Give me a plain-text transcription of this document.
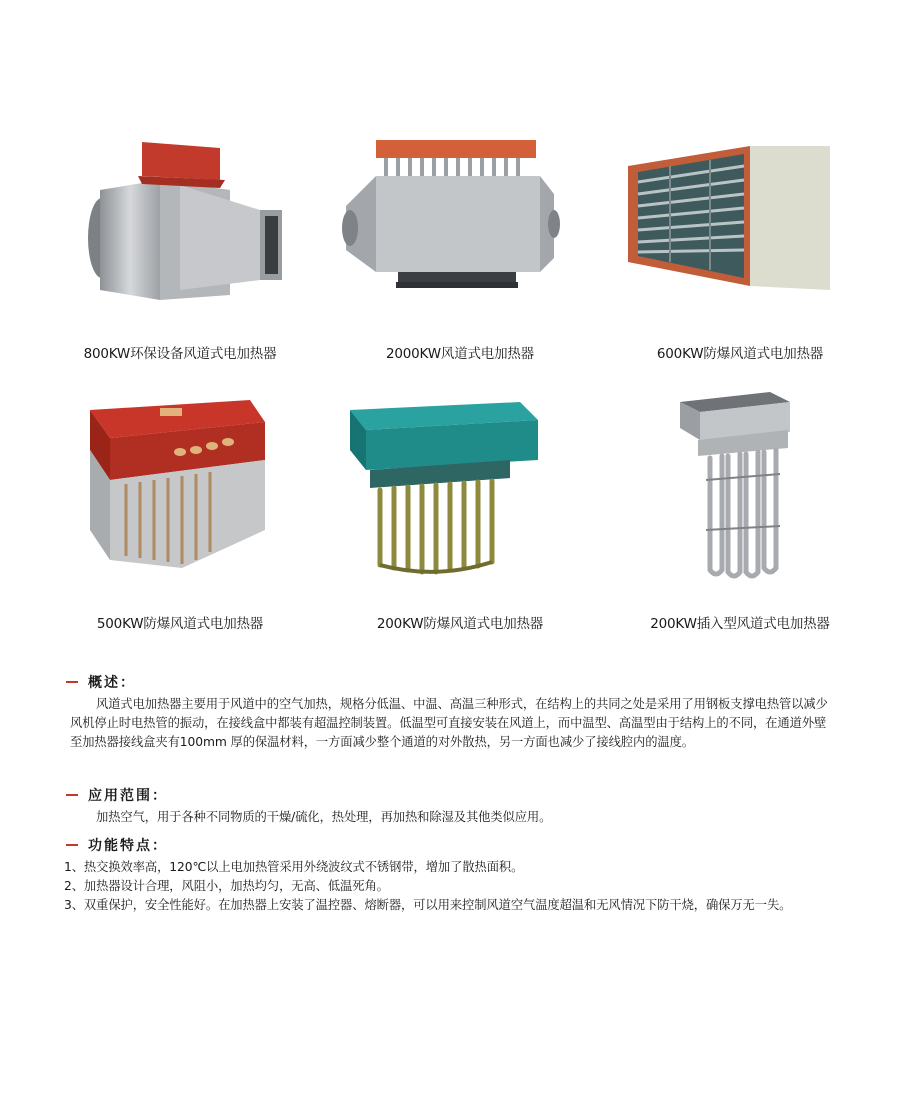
800KW环保设备风道式电加热器	2000KW风道式电加热器	600KW防爆风道式电加热器
500KW防爆风道式电加热器	200KW防爆风道式电加热器	200KW插入型风道式电加热器
概述：

风道式电加热器主要用于风道中的空气加热，规格分低温、中温、高温三种形式，在结构上的共同之处是采用了用钢板支撑电热管以减少风机停止时电热管的振动，在接线盒中都装有超温控制装置。低温型可直接安装在风道上，而中温型、高温型由于结构上的不同，在通道外壁至加热器接线盒夹有100mm 厚的保温材料，一方面减少整个通道的对外散热，另一方面也减少了接线腔内的温度。

应用范围：

加热空气，用于各种不同物质的干燥/硫化，热处理，再加热和除湿及其他类似应用。

功能特点：
1、热交换效率高，120℃以上电加热管采用外绕波纹式不锈钢带，增加了散热面积。
2、加热器设计合理，风阻小，加热均匀，无高、低温死角。
3、双重保护，安全性能好。在加热器上安装了温控器、熔断器，可以用来控制风道空气温度超温和无风情况下防干烧，确保万无一失。
